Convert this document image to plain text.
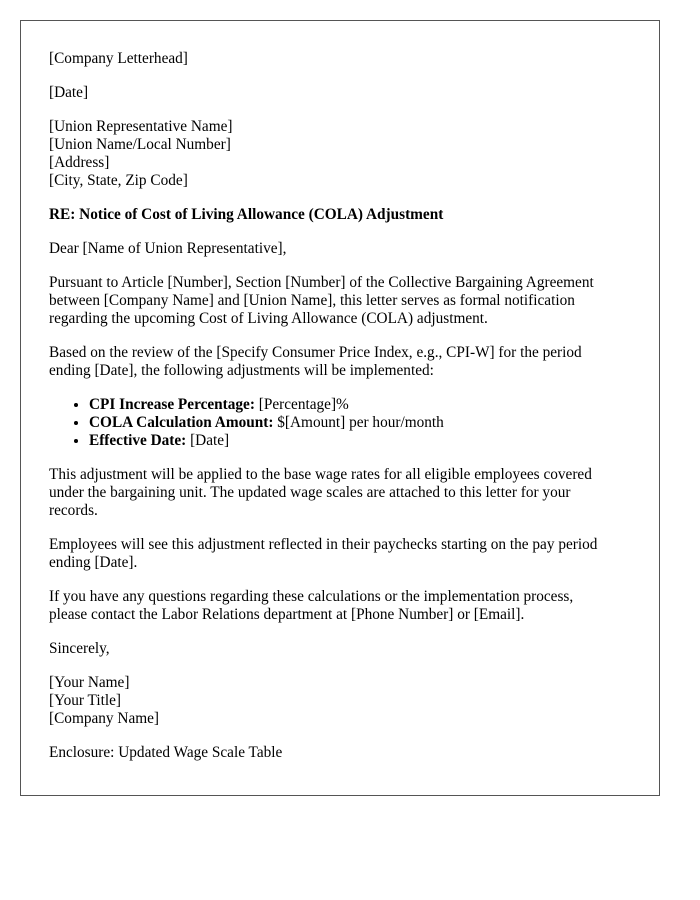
[Company Letterhead]

[Date]

[Union Representative Name]
[Union Name/Local Number]
[Address]
[City, State, Zip Code]

RE: Notice of Cost of Living Allowance (COLA) Adjustment

Dear [Name of Union Representative],

Pursuant to Article [Number], Section [Number] of the Collective Bargaining Agreement
between [Company Name] and [Union Name], this letter serves as formal notification
regarding the upcoming Cost of Living Allowance (COLA) adjustment.

Based on the review of the [Specify Consumer Price Index, e.g., CPI-W] for the period
ending [Date], the following adjustments will be implemented:

• CPI Increase Percentage: [Percentage]%
• COLA Calculation Amount: $[Amount] per hour/month
• Effective Date: [Date]

This adjustment will be applied to the base wage rates for all eligible employees covered
under the bargaining unit. The updated wage scales are attached to this letter for your
records.

Employees will see this adjustment reflected in their paychecks starting on the pay period
ending [Date].

If you have any questions regarding these calculations or the implementation process,
please contact the Labor Relations department at [Phone Number] or [Email].

Sincerely,

[Your Name]
[Your Title]
[Company Name]

Enclosure: Updated Wage Scale Table
